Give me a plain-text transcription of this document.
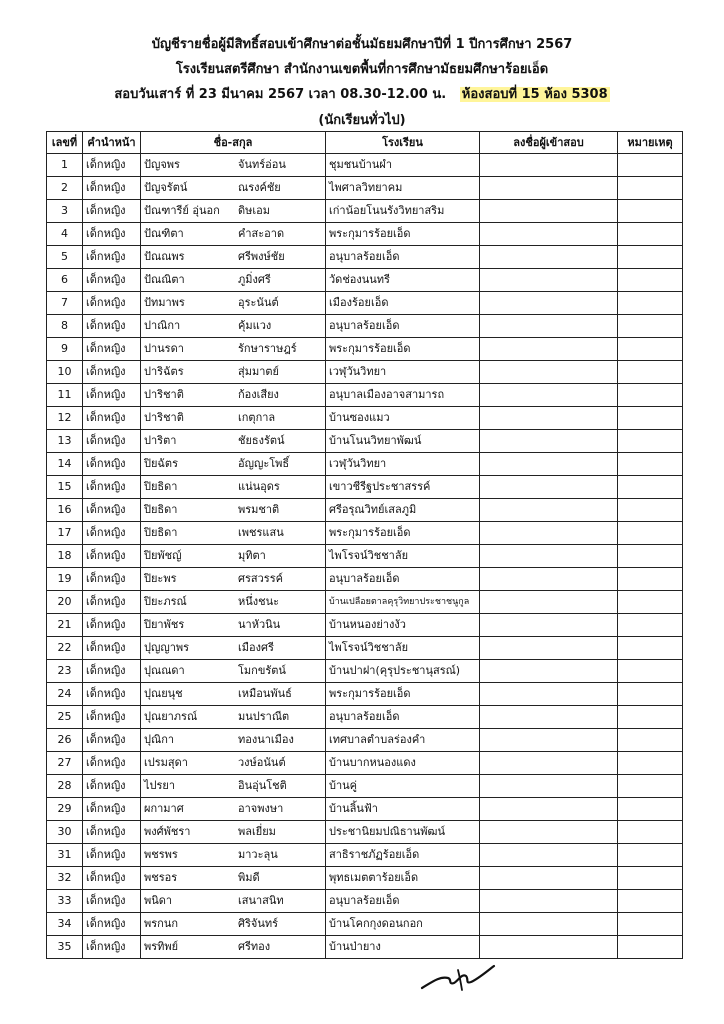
บัญชีรายชื่อผู้มีสิทธิ์สอบเข้าศึกษาต่อชั้นมัธยมศึกษาปีที่ 1 ปีการศึกษา 2567
โรงเรียนสตรีศึกษา สำนักงานเขตพื้นที่การศึกษามัธยมศึกษาร้อยเอ็ด
สอบวันเสาร์ ที่ 23 มีนาคม 2567 เวลา 08.30-12.00 น. ห้องสอบที่ 15 ห้อง 5308
(นักเรียนทั่วไป)
เลขที่	คำนำหน้า	ชื่อ-สกุล	โรงเรียน	ลงชื่อผู้เข้าสอบ	หมายเหตุ
1	เด็กหญิง	ปัญจพร จันทร์อ่อน	ชุมชนบ้านผำ		
2	เด็กหญิง	ปัญจรัตน์ ณรงค์ชัย	ไพศาลวิทยาคม		
3	เด็กหญิง	ปัณฑารีย์ อุ่นอก ดิษเอม	เก่าน้อยโนนรังวิทยาสริม		
4	เด็กหญิง	ปัณฑิตา คำสะอาด	พระกุมารร้อยเอ็ด		
5	เด็กหญิง	ปัณณพร ศรีพงษ์ชัย	อนุบาลร้อยเอ็ด		
6	เด็กหญิง	ปัณณิตา ภูมิ่งศรี	วัดช่องนนทรี		
7	เด็กหญิง	ปัทมาพร อุระนันต์	เมืองร้อยเอ็ด		
8	เด็กหญิง	ปาณิกา คุ้มแวง	อนุบาลร้อยเอ็ด		
9	เด็กหญิง	ปานรดา รักษาราษฎร์	พระกุมารร้อยเอ็ด		
10	เด็กหญิง	ปาริฉัตร สุ่มมาตย์	เวฬุวันวิทยา		
11	เด็กหญิง	ปาริชาติ ก้องเสียง	อนุบาลเมืองอาจสามารถ		
12	เด็กหญิง	ปาริชาติ เกตุกาล	บ้านซองแมว		
13	เด็กหญิง	ปาริตา ชัยธงรัตน์	บ้านโนนวิทยาพัฒน์		
14	เด็กหญิง	ปิยฉัตร อัญญะโพธิ์	เวฬุวันวิทยา		
15	เด็กหญิง	ปิยธิดา แน่นอุดร	เขาวชีรีฐประชาสรรค์		
16	เด็กหญิง	ปิยธิดา พรมชาติ	ศรีอรุณวิทย์เสลภูมิ		
17	เด็กหญิง	ปิยธิดา เพชรแสน	พระกุมารร้อยเอ็ด		
18	เด็กหญิง	ปิยพัชญ์ มุทิตา	ไพโรจน์วิชชาลัย		
19	เด็กหญิง	ปิยะพร ศรสวรรค์	อนุบาลร้อยเอ็ด		
20	เด็กหญิง	ปิยะภรณ์ หนึ่งชนะ	บ้านเปลือยตาลคุรุวิทยาประชาชนูกูล		
21	เด็กหญิง	ปิยาพัชร นาหัวนิน	บ้านหนองย่างงัว		
22	เด็กหญิง	ปุญญาพร เมืองศรี	ไพโรจน์วิชชาลัย		
23	เด็กหญิง	ปุณณดา โมกขรัตน์	บ้านปาฝา(คุรุประชานุสรณ์)		
24	เด็กหญิง	ปุณยนุช เหมือนพันธ์	พระกุมารร้อยเอ็ด		
25	เด็กหญิง	ปุณยาภรณ์ มนปราณีต	อนุบาลร้อยเอ็ด		
26	เด็กหญิง	ปุณิกา ทองนาเมือง	เทศบาลตำบลร่องคำ		
27	เด็กหญิง	เปรมสุดา วงษ์อนันต์	บ้านบากหนองแดง		
28	เด็กหญิง	ไปรยา อินอุ่นโชติ	บ้านคู่		
29	เด็กหญิง	ผกามาศ อาจพงษา	บ้านลิ้นฟ้า		
30	เด็กหญิง	พงศ์พัชรา พลเยี่ยม	ประชานิยมปณิธานพัฒน์		
31	เด็กหญิง	พชรพร มาวะลุน	สาธิราชภัฏร้อยเอ็ด		
32	เด็กหญิง	พชรอร พิมดี	พุทธเมตตาร้อยเอ็ด		
33	เด็กหญิง	พนิดา เสนาสนิท	อนุบาลร้อยเอ็ด		
34	เด็กหญิง	พรกนก ศิริจันทร์	บ้านโคกกุงดอนกอก		
35	เด็กหญิง	พรทิพย์ ศรีทอง	บ้านป่ายาง		
